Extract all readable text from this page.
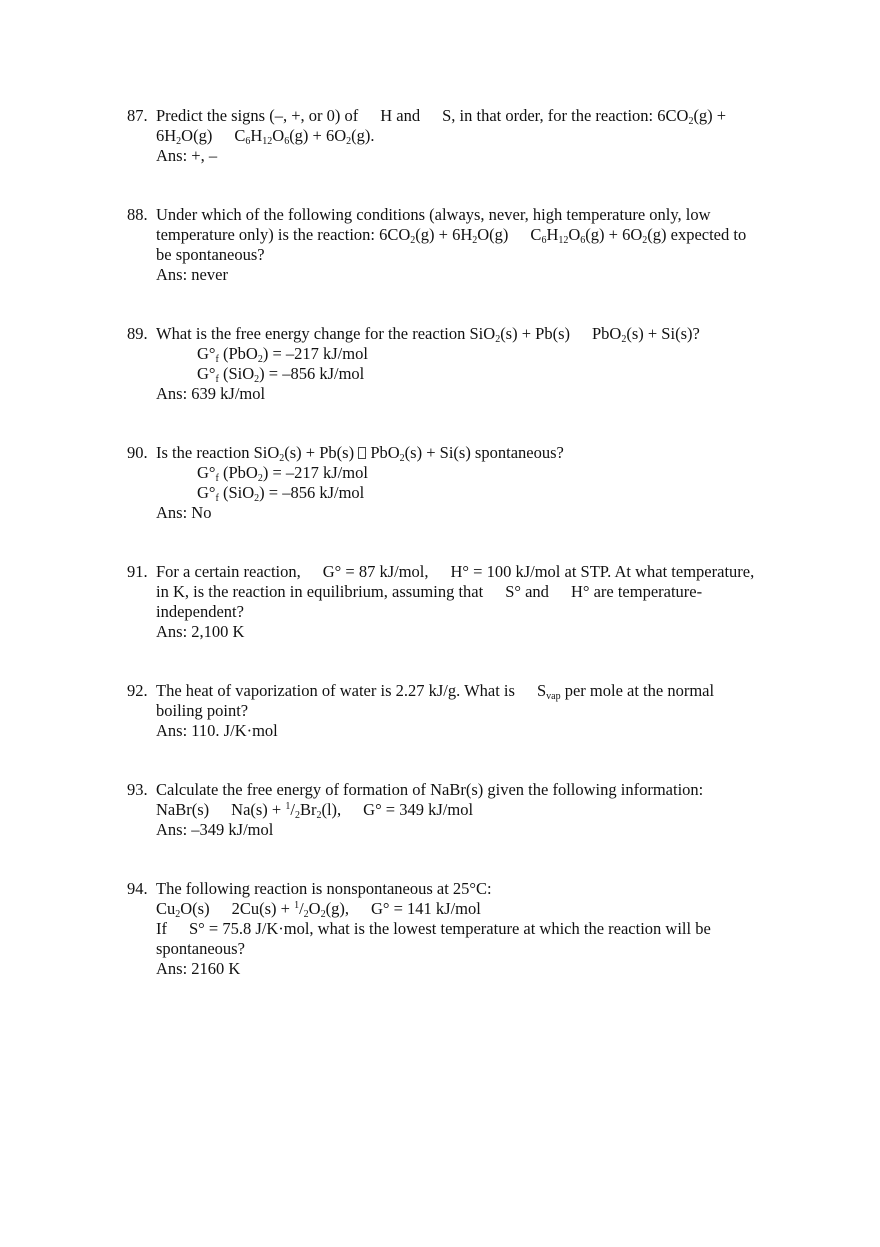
87. Predict the signs (–, +, or 0) of H and S, in that order, for the reaction: $6CO_2(g)$ +
$6H_2O(g) C_6H_{12}O_6(g) + 6O_2(g)$.
Ans: +, –
88. Under which of the following conditions (always, never, high temperature only, low
temperature only) is the reaction: $6CO_2(g) + 6H_2O(g) C_6H_{12}O_6(g) + 6O_2(g)$ expected to
be spontaneous?
Ans: never
89. What is the free energy change for the reaction SiO$_2$(s) + Pb(s) PbO$_2$(s) + Si(s)?
$G^\circ_f$ (PbO$_2$) = –217 kJ/mol
$G^\circ_f$ (SiO$_2$) = –856 kJ/mol
Ans: 639 kJ/mol
90. Is the reaction SiO$_2$(s) + Pb(s) PbO$_2$(s) + Si(s) spontaneous?
$G^\circ_f$ (PbO$_2$) = –217 kJ/mol
$G^\circ_f$ (SiO$_2$) = –856 kJ/mol
Ans: No
91. For a certain reaction, G° = 87 kJ/mol, H° = 100 kJ/mol at STP. At what temperature,
in K, is the reaction in equilibrium, assuming that S° and H° are temperature-
independent?
Ans: 2,100 K
92. The heat of vaporization of water is 2.27 kJ/g. What is $S_{vap}$ per mole at the normal
boiling point?
Ans: 110. J/K·mol
93. Calculate the free energy of formation of NaBr(s) given the following information:
NaBr(s) $Na(s) + ^1/_2Br_2(l)$, G° = 349 kJ/mol
Ans: –349 kJ/mol
94. The following reaction is nonspontaneous at 25°C:
$Cu_2O(s) 2Cu(s) + ^1/_2O_2(g)$, G° = 141 kJ/mol
If S° = 75.8 J/K·mol, what is the lowest temperature at which the reaction will be
spontaneous?
Ans: 2160 K
